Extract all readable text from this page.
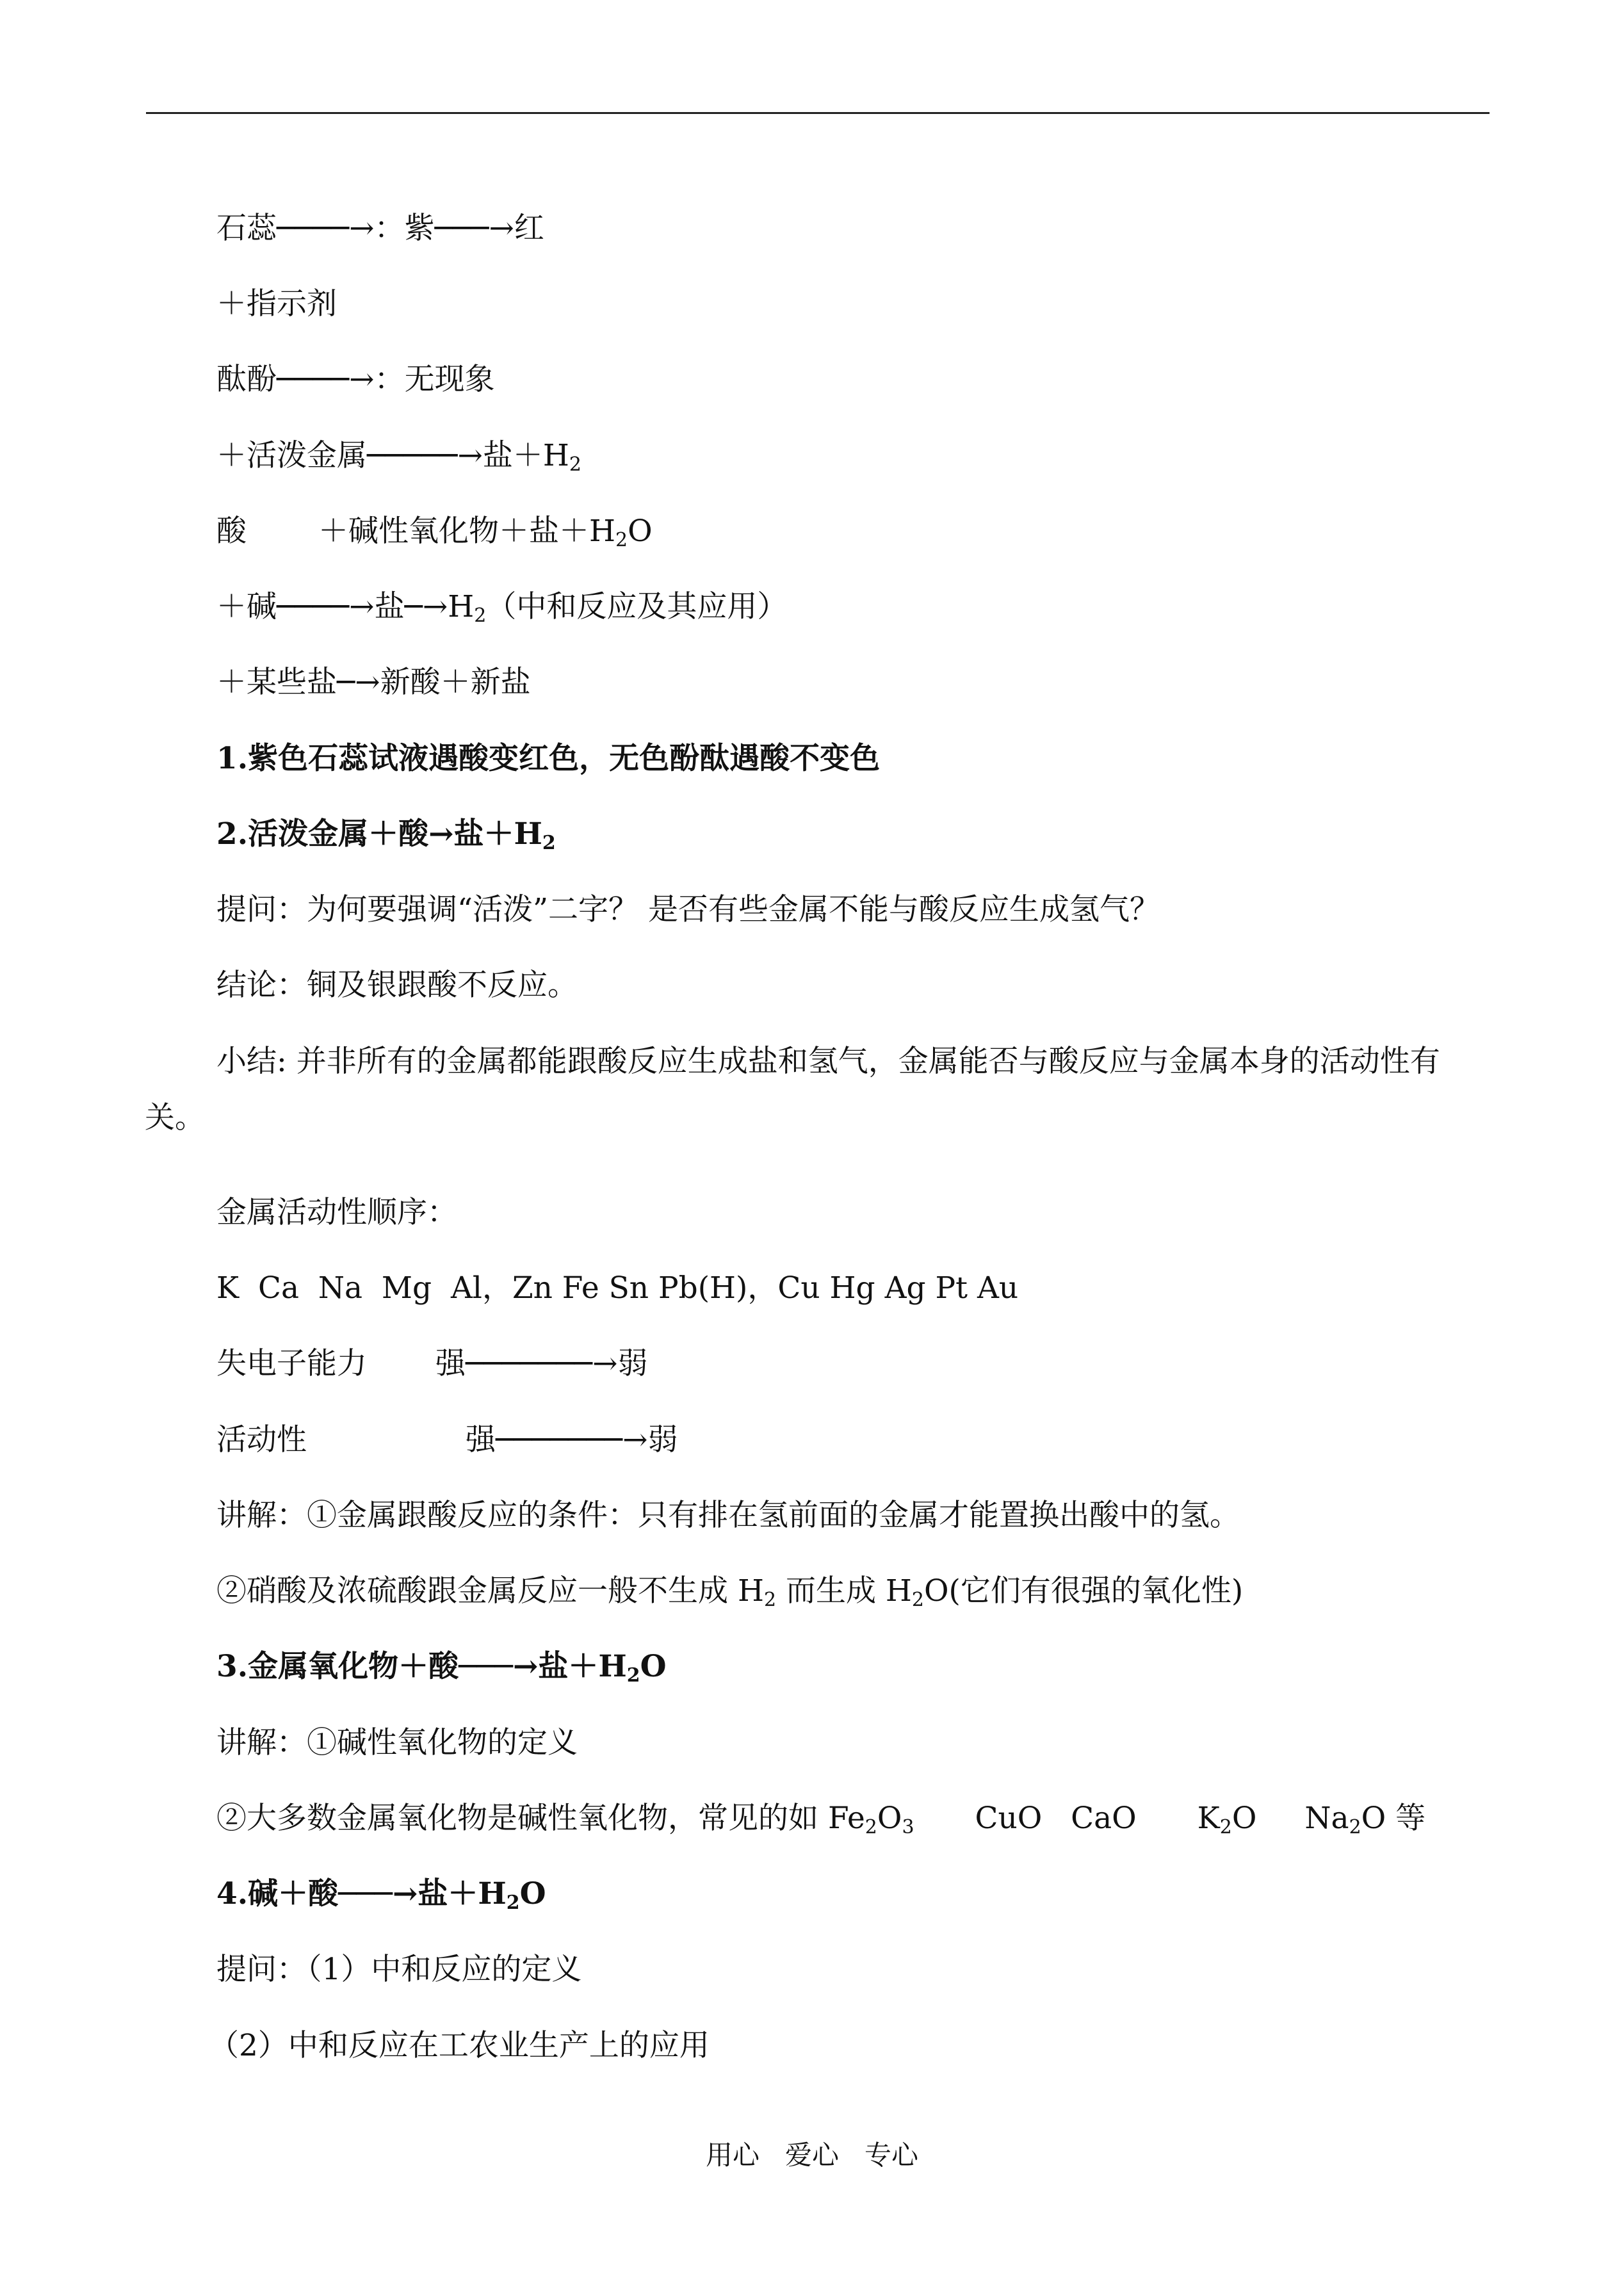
石蕊────→：紫───→红
＋指示剂
酞酚────→：无现象
＋活泼金属─────→盐$+H_2$
酸 ＋碱性氧化物＋盐$+H_2O$
＋碱────→盐$─\to H_2$（中和反应及其应用）
＋某些盐─→新酸＋新盐
1.紫色石蕊试液遇酸变红色，无色酚酞遇酸不变色
2.活泼金属＋酸→盐$+H_2$
提问：为何要强调“活泼”二字？ 是否有些金属不能与酸反应生成氢气？
结论：铜及银跟酸不反应。
小结: 并非所有的金属都能跟酸反应生成盐和氢气，金属能否与酸反应与金属本身的活动性有关。
金属活动性顺序：
K  Ca  Na  Mg  Al，Zn Fe Sn Pb(H)，Cu Hg Ag Pt Au
失电子能力 强───────→弱
活动性	强───────→弱
讲解：①金属跟酸反应的条件：只有排在氢前面的金属才能置换出酸中的氢。
②硝酸及浓硫酸跟金属反应一般不生成 $H_2$ 而生成 $H_2O$(它们有很强的氧化性)
3.金属氧化物＋酸───→盐$+H_2O$
讲解：①碱性氧化物的定义
②大多数金属氧化物是碱性氧化物，常见的如 $Fe_2O_3$ CuO   CaO $K_2O$ $Na_2O$ 等
4.碱＋酸───→盐$+H_2O$
提问：（1）中和反应的定义
（2）中和反应在工农业生产上的应用
用心   爱心   专心
